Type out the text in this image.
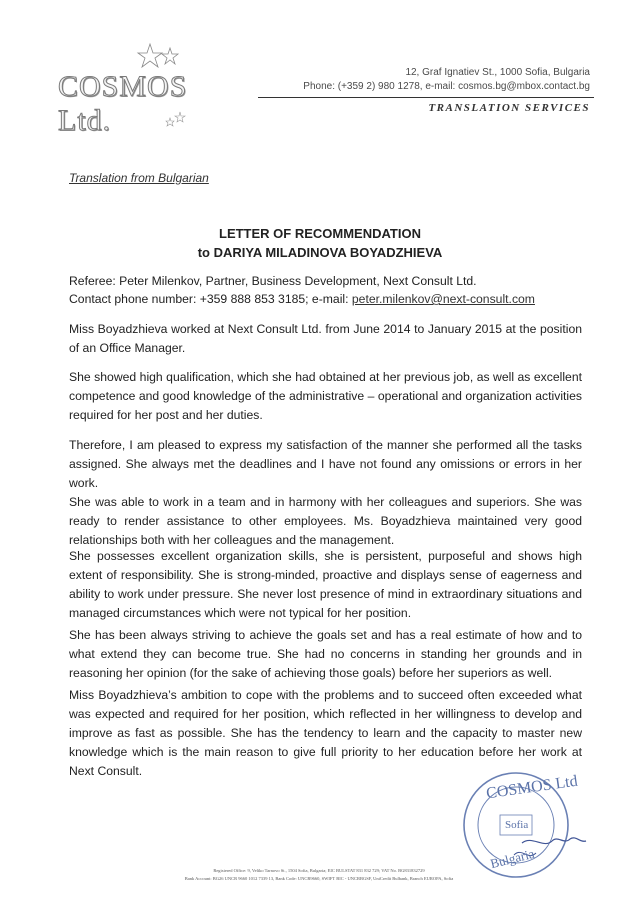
COSMOS Ltd.
12, Graf Ignatiev St., 1000 Sofia, Bulgaria
Phone: (+359 2) 980 1278, e-mail: cosmos.bg@mbox.contact.bg
TRANSLATION SERVICES
Translation from Bulgarian
LETTER OF RECOMMENDATION
to DARIYA MILADINOVA BOYADZHIEVA
Referee: Peter Milenkov, Partner, Business Development, Next Consult Ltd.
Contact phone number: +359 888 853 3185; e-mail: peter.milenkov@next-consult.com

Miss Boyadzhieva worked at Next Consult Ltd. from June 2014 to January 2015 at the position of an Office Manager.

She showed high qualification, which she had obtained at her previous job, as well as excellent competence and good knowledge of the administrative – operational and organization activities required for her post and her duties.

Therefore, I am pleased to express my satisfaction of the manner she performed all the tasks assigned. She always met the deadlines and I have not found any omissions or errors in her work.

She was able to work in a team and in harmony with her colleagues and superiors. She was ready to render assistance to other employees. Ms. Boyadzhieva maintained very good relationships both with her colleagues and the management.

She possesses excellent organization skills, she is persistent, purposeful and shows high extent of responsibility. She is strong-minded, proactive and displays sense of eagerness and ability to work under pressure. She never lost presence of mind in extraordinary situations and managed circumstances which were not typical for her position.

She has been always striving to achieve the goals set and has a real estimate of how and to what extend they can become true. She had no concerns in standing her grounds and in reasoning her opinion (for the sake of achieving those goals) before her superiors as well.

Miss Boyadzhieva’s ambition to cope with the problems and to succeed often exceeded what was expected and required for her position, which reflected in her willingness to develop and improve as fast as possible. She has the tendency to learn and the capacity to master new knowledge which is the main reason to give full priority to her education before her work at Next Consult.

COSMOS Ltd
Sofia
Bulgaria
Registered Office: 9, Veliko Tarnovo St., 1504 Sofia, Bulgaria; EIC BULSTAT 831 832 729; VAT No. BG831832729
Bank Account: BG26 UNCR 9660 1012 7339 13, Bank Code: UNCR9660, SWIFT BIC - UNCRBGSF, UniCredit Bulbank, Branch EUROPA, Sofia
